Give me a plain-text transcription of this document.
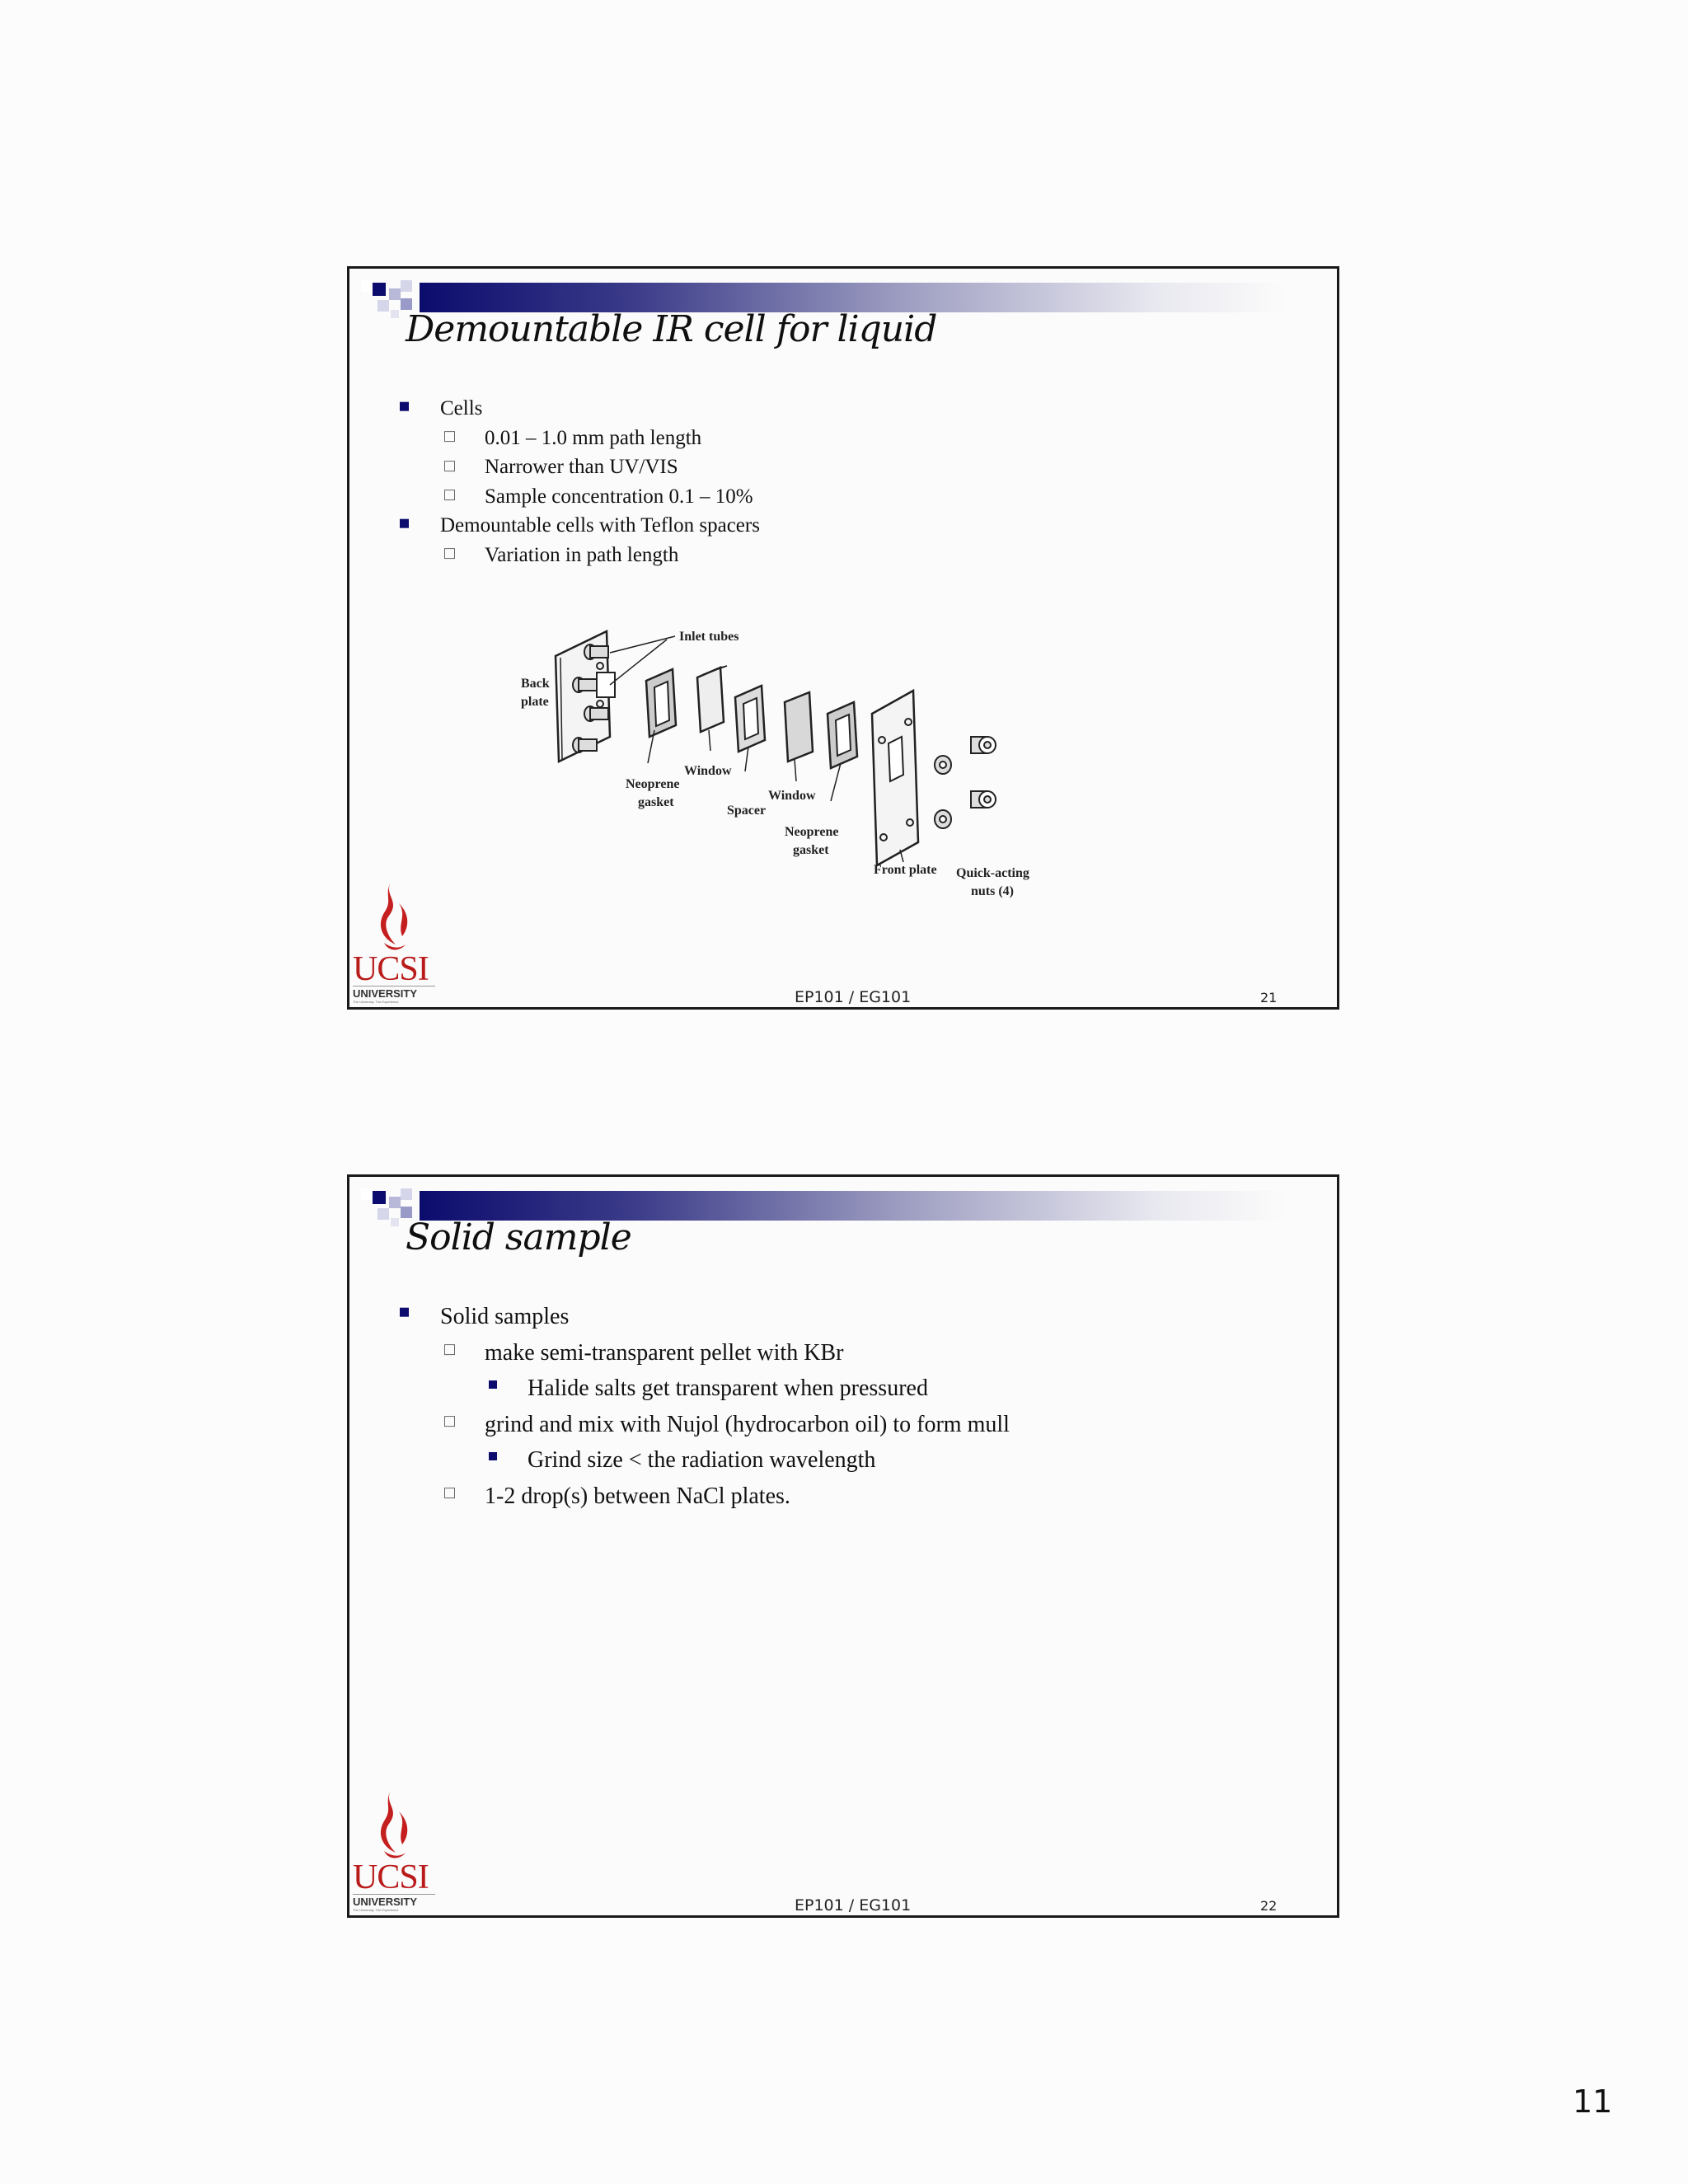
Demountable IR cell for liquid
Cells
0.01 – 1.0 mm path length
Narrower than UV/VIS
Sample concentration 0.1 – 10%
Demountable cells with Teflon spacers
Variation in path length
Inlet tubes
Back
plate
Neoprene
gasket
Window
Spacer
Window
Neoprene
gasket
Front plate Quick-acting
nuts (4)
UCSI
UNIVERSITY
The University. The Experience	EP101 / EG101	21
Solid sample
Solid samples
make semi-transparent pellet with KBr
Halide salts get transparent when pressured
grind and mix with Nujol (hydrocarbon oil) to form mull
Grind size < the radiation wavelength
1-2 drop(s) between NaCl plates.
UCSI
UNIVERSITY
The University. The Experience	EP101 / EG101	22
11
